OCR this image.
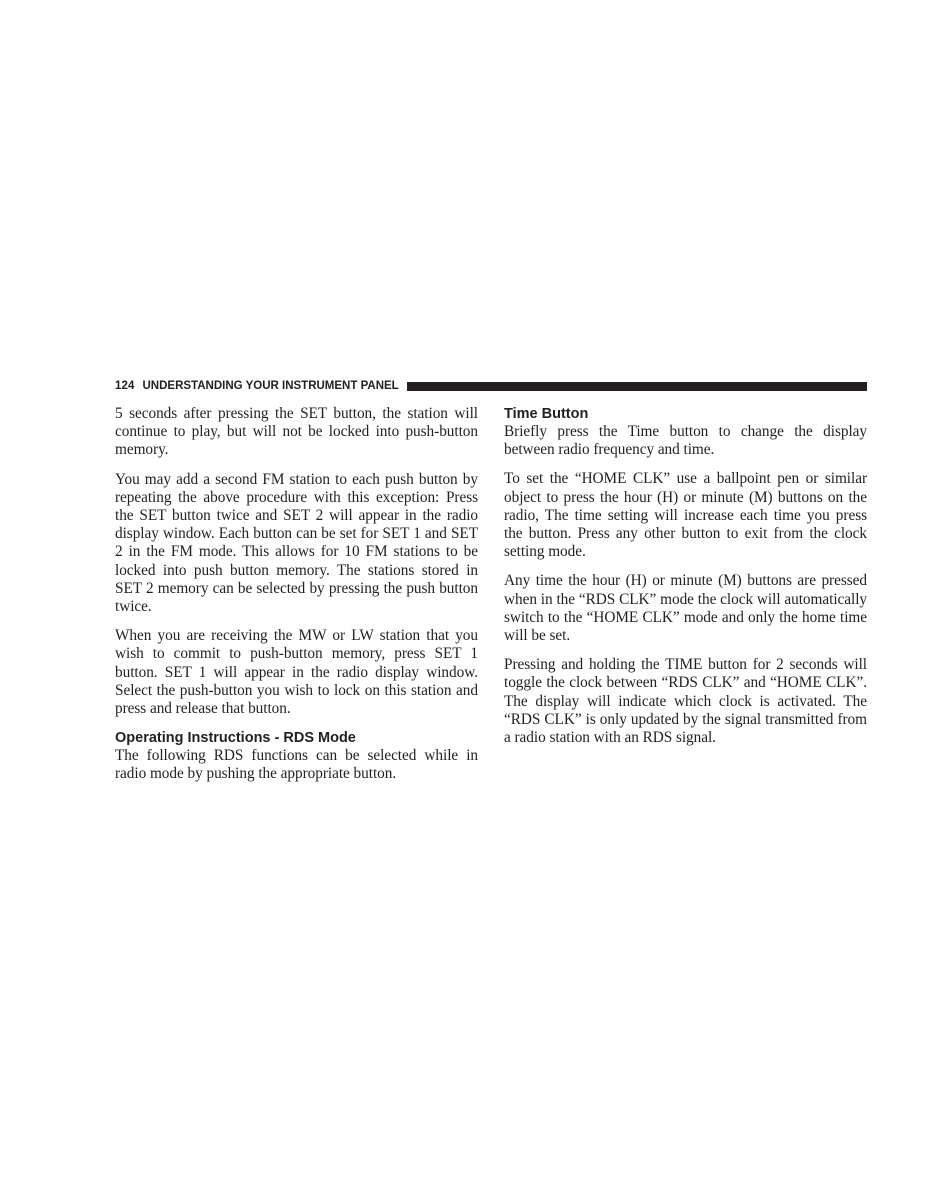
124 UNDERSTANDING YOUR INSTRUMENT PANEL

5 seconds after pressing the SET button, the station will continue to play, but will not be locked into push-button memory.

You may add a second FM station to each push button by repeating the above procedure with this exception: Press the SET button twice and SET 2 will appear in the radio display window. Each button can be set for SET 1 and SET 2 in the FM mode. This allows for 10 FM stations to be locked into push button memory. The stations stored in SET 2 memory can be selected by pressing the push button twice.

When you are receiving the MW or LW station that you wish to commit to push-button memory, press SET 1 button. SET 1 will appear in the radio display window. Select the push-button you wish to lock on this station and press and release that button.

Operating Instructions - RDS Mode

The following RDS functions can be selected while in radio mode by pushing the appropriate button.

Time Button

Briefly press the Time button to change the display between radio frequency and time.

To set the “HOME CLK” use a ballpoint pen or similar object to press the hour (H) or minute (M) buttons on the radio, The time setting will increase each time you press the button. Press any other button to exit from the clock setting mode.

Any time the hour (H) or minute (M) buttons are pressed when in the “RDS CLK” mode the clock will automatically switch to the “HOME CLK” mode and only the home time will be set.

Pressing and holding the TIME button for 2 seconds will toggle the clock between “RDS CLK” and “HOME CLK”. The display will indicate which clock is activated. The “RDS CLK” is only updated by the signal transmitted from a radio station with an RDS signal.
